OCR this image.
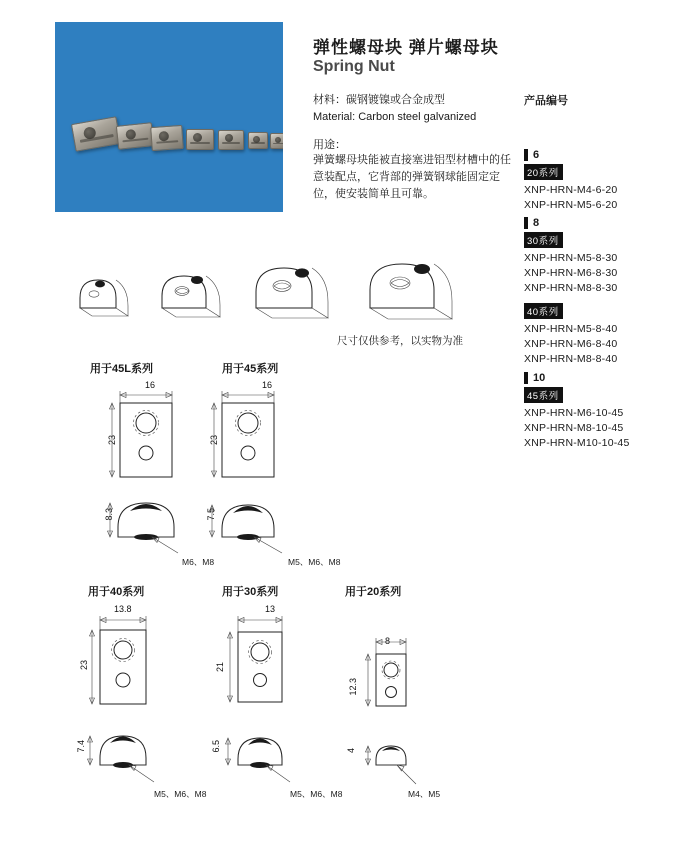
弹性螺母块 弹片螺母块
Spring Nut
材料：碳钢镀镍或合金成型
Material: Carbon steel galvanized
用途：
弹簧螺母块能被直接塞进铝型材槽中的任意装配点，它背部的弹簧钢球能固定定位，使安装简单且可靠。
产品编号
6
20系列
XNP-HRN-M4-6-20
XNP-HRN-M5-6-20
8
30系列
XNP-HRN-M5-8-30
XNP-HRN-M6-8-30
XNP-HRN-M8-8-30
40系列
XNP-HRN-M5-8-40
XNP-HRN-M6-8-40
XNP-HRN-M8-8-40
10
45系列
XNP-HRN-M6-10-45
XNP-HRN-M8-10-45
XNP-HRN-M10-10-45
尺寸仅供参考，以实物为准
用于45L系列
16
23
8.3
M6、M8
用于45系列
16
23
7.5
M5、M6、M8
用于40系列
13.8
23
7.4
M5、M6、M8
用于30系列
13
21
6.5
M5、M6、M8
用于20系列
8
12.3
4
M4、M5
